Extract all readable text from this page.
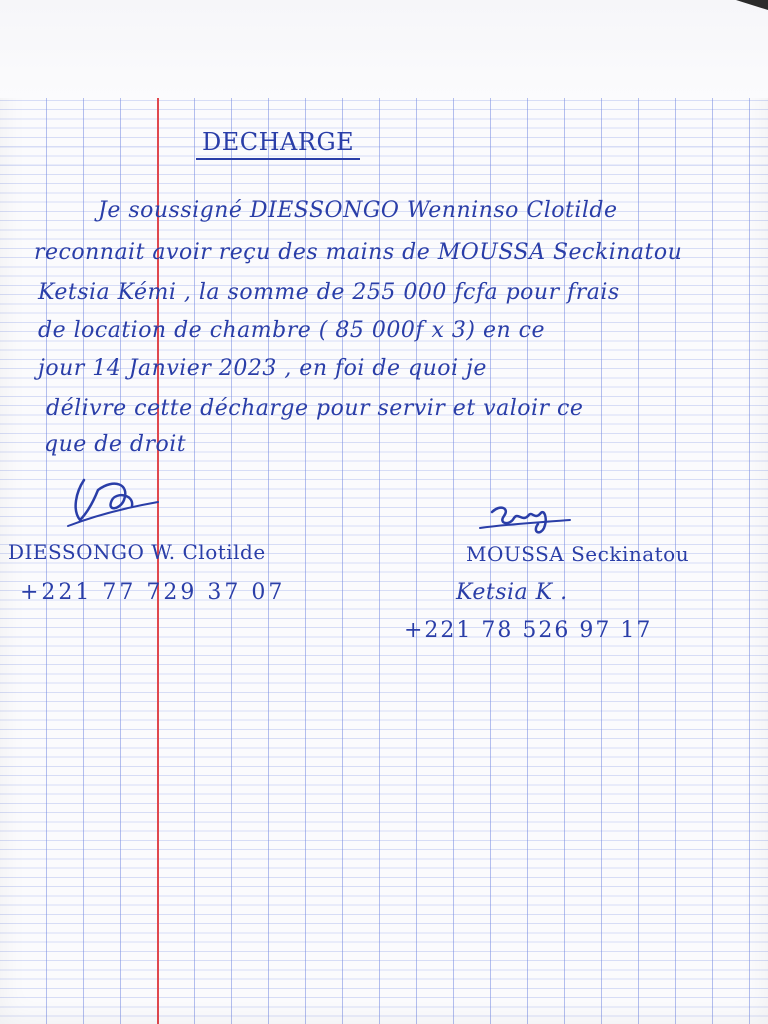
DECHARGE
Je soussigné DIESSONGO Wenninso Clotilde
reconnait avoir reçu des mains de MOUSSA Seckinatou
Ketsia Kémi , la somme de 255 000 fcfa pour frais
de location de chambre ( 85 000f x 3) en ce
jour 14 Janvier 2023 , en foi de quoi je
délivre cette décharge pour servir et valoir ce
que de droit
DIESSONGO W. Clotilde
+221 77 729 37 07
MOUSSA Seckinatou
Ketsia K .
+221 78 526 97 17
